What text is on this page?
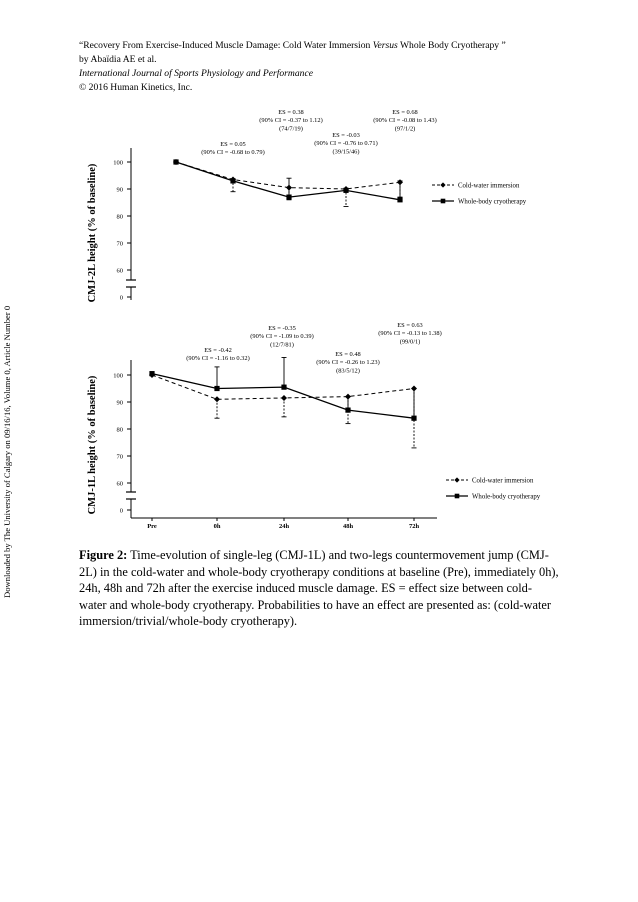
“Recovery From Exercise-Induced Muscle Damage: Cold Water Immersion Versus Whole Body Cryotherapy ”
by Abaïdia AE et al.
International Journal of Sports Physiology and Performance
© 2016 Human Kinetics, Inc.
Downloaded by The University of Calgary on 09/16/16, Volume 0, Article Number 0
0
60
70
80
90
100
CMJ-2L height (% of baseline)	Cold-water immersion
Whole-body cryotherapy
ES = 0.05
(90% CI = -0.68 to 0.79)
ES = 0.38
(90% CI = -0.37 to 1.12)
(74/7/19)
ES = -0.03
(90% CI = -0.76 to 0.71)
(39/15/46)
ES = 0.68
(90% CI = -0.08 to 1.43)
(97/1/2)
0
60
70
80
90
100
CMJ-1L height (% of baseline)
Pre	0h	24h	48h	72h
Cold-water immersion
Whole-body cryotherapy
ES = -0.42
(90% CI = -1.16 to 0.32)
ES = -0.35
(90% CI = -1.09 to 0.39)
(12/7/81)
ES = 0.48
(90% CI = -0.26 to 1.23)
(83/5/12)
ES = 0.63
(90% CI = -0.13 to 1.38)
(99/0/1)
Figure 2: Time-evolution of single-leg (CMJ-1L) and two-legs countermovement jump (CMJ-2L) in the cold-water and whole-body cryotherapy conditions at baseline (Pre), immediately 0h), 24h, 48h and 72h after the exercise induced muscle damage. ES = effect size between cold-water and whole-body cryotherapy. Probabilities to have an effect are presented as: (cold-water immersion/trivial/whole-body cryotherapy).
